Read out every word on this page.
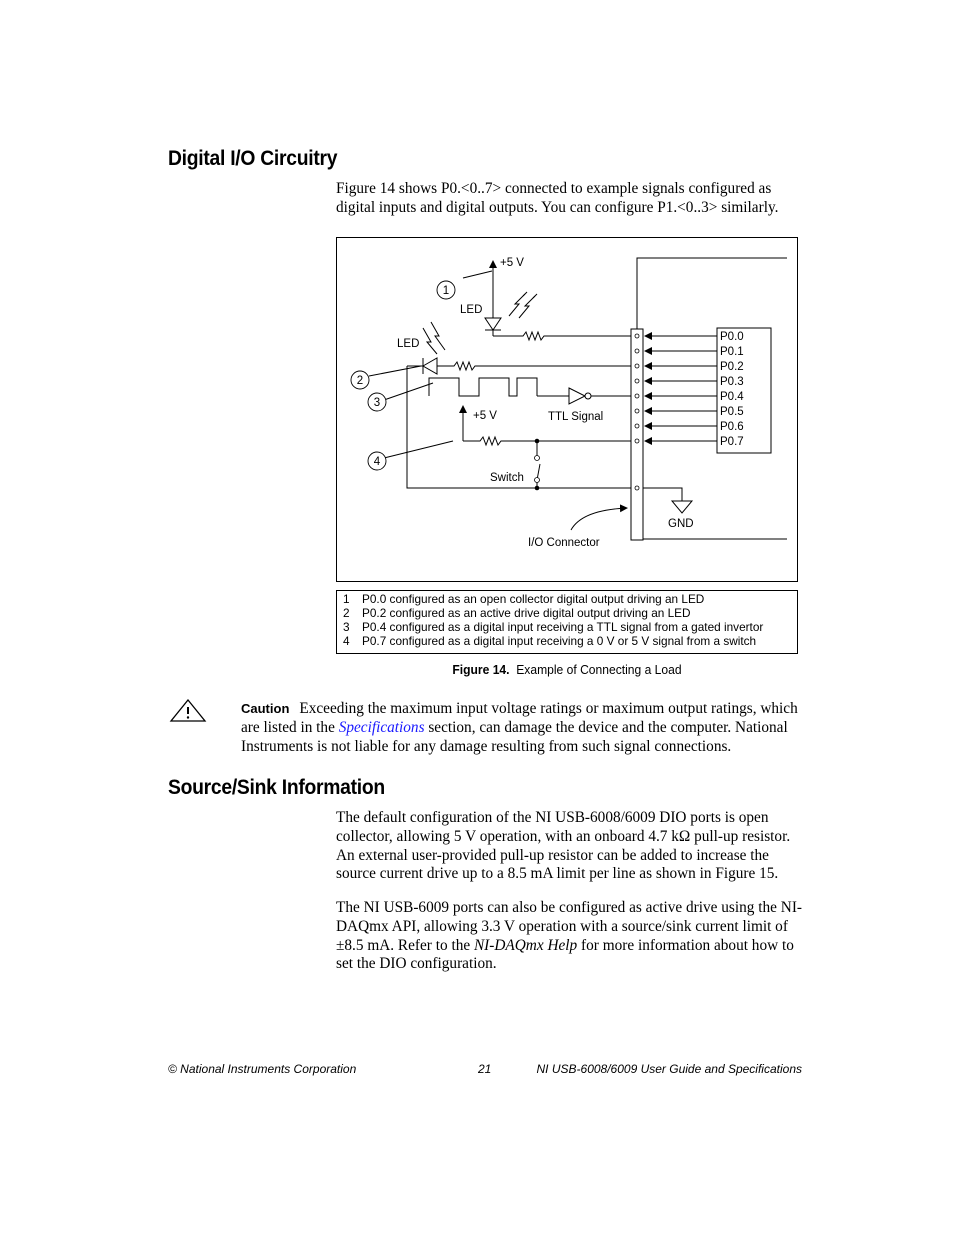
Digital I/O Circuitry

Figure 14 shows P0.<0..7> connected to example signals configured as
digital inputs and digital outputs. You can configure P1.<0..3> similarly.

1
2
3
4
+5 V
LED
LED
+5 V	TTL Signal
Switch
I/O Connector
GND
P0.0
P0.1
P0.2
P0.3
P0.4
P0.5
P0.6
P0.7
1 P0.0 configured as an open collector digital output driving an LED
2 P0.2 configured as an active drive digital output driving an LED
3 P0.4 configured as a digital input receiving a TTL signal from a gated invertor
4 P0.7 configured as a digital input receiving a 0 V or 5 V signal from a switch
Figure 14. Example of Connecting a Load

Caution Exceeding the maximum input voltage ratings or maximum output ratings, which are listed in the Specifications section, can damage the device and the computer. National Instruments is not liable for any damage resulting from such signal connections.

Source/Sink Information

The default configuration of the NI USB-6008/6009 DIO ports is open collector, allowing 5 V operation, with an onboard 4.7 kΩ pull-up resistor. An external user-provided pull-up resistor can be added to increase the source current drive up to a 8.5 mA limit per line as shown in Figure 15.

The NI USB-6009 ports can also be configured as active drive using the NI-DAQmx API, allowing 3.3 V operation with a source/sink current limit of ±8.5 mA. Refer to the NI-DAQmx Help for more information about how to set the DIO configuration.

© National Instruments Corporation	21	NI USB-6008/6009 User Guide and Specifications
